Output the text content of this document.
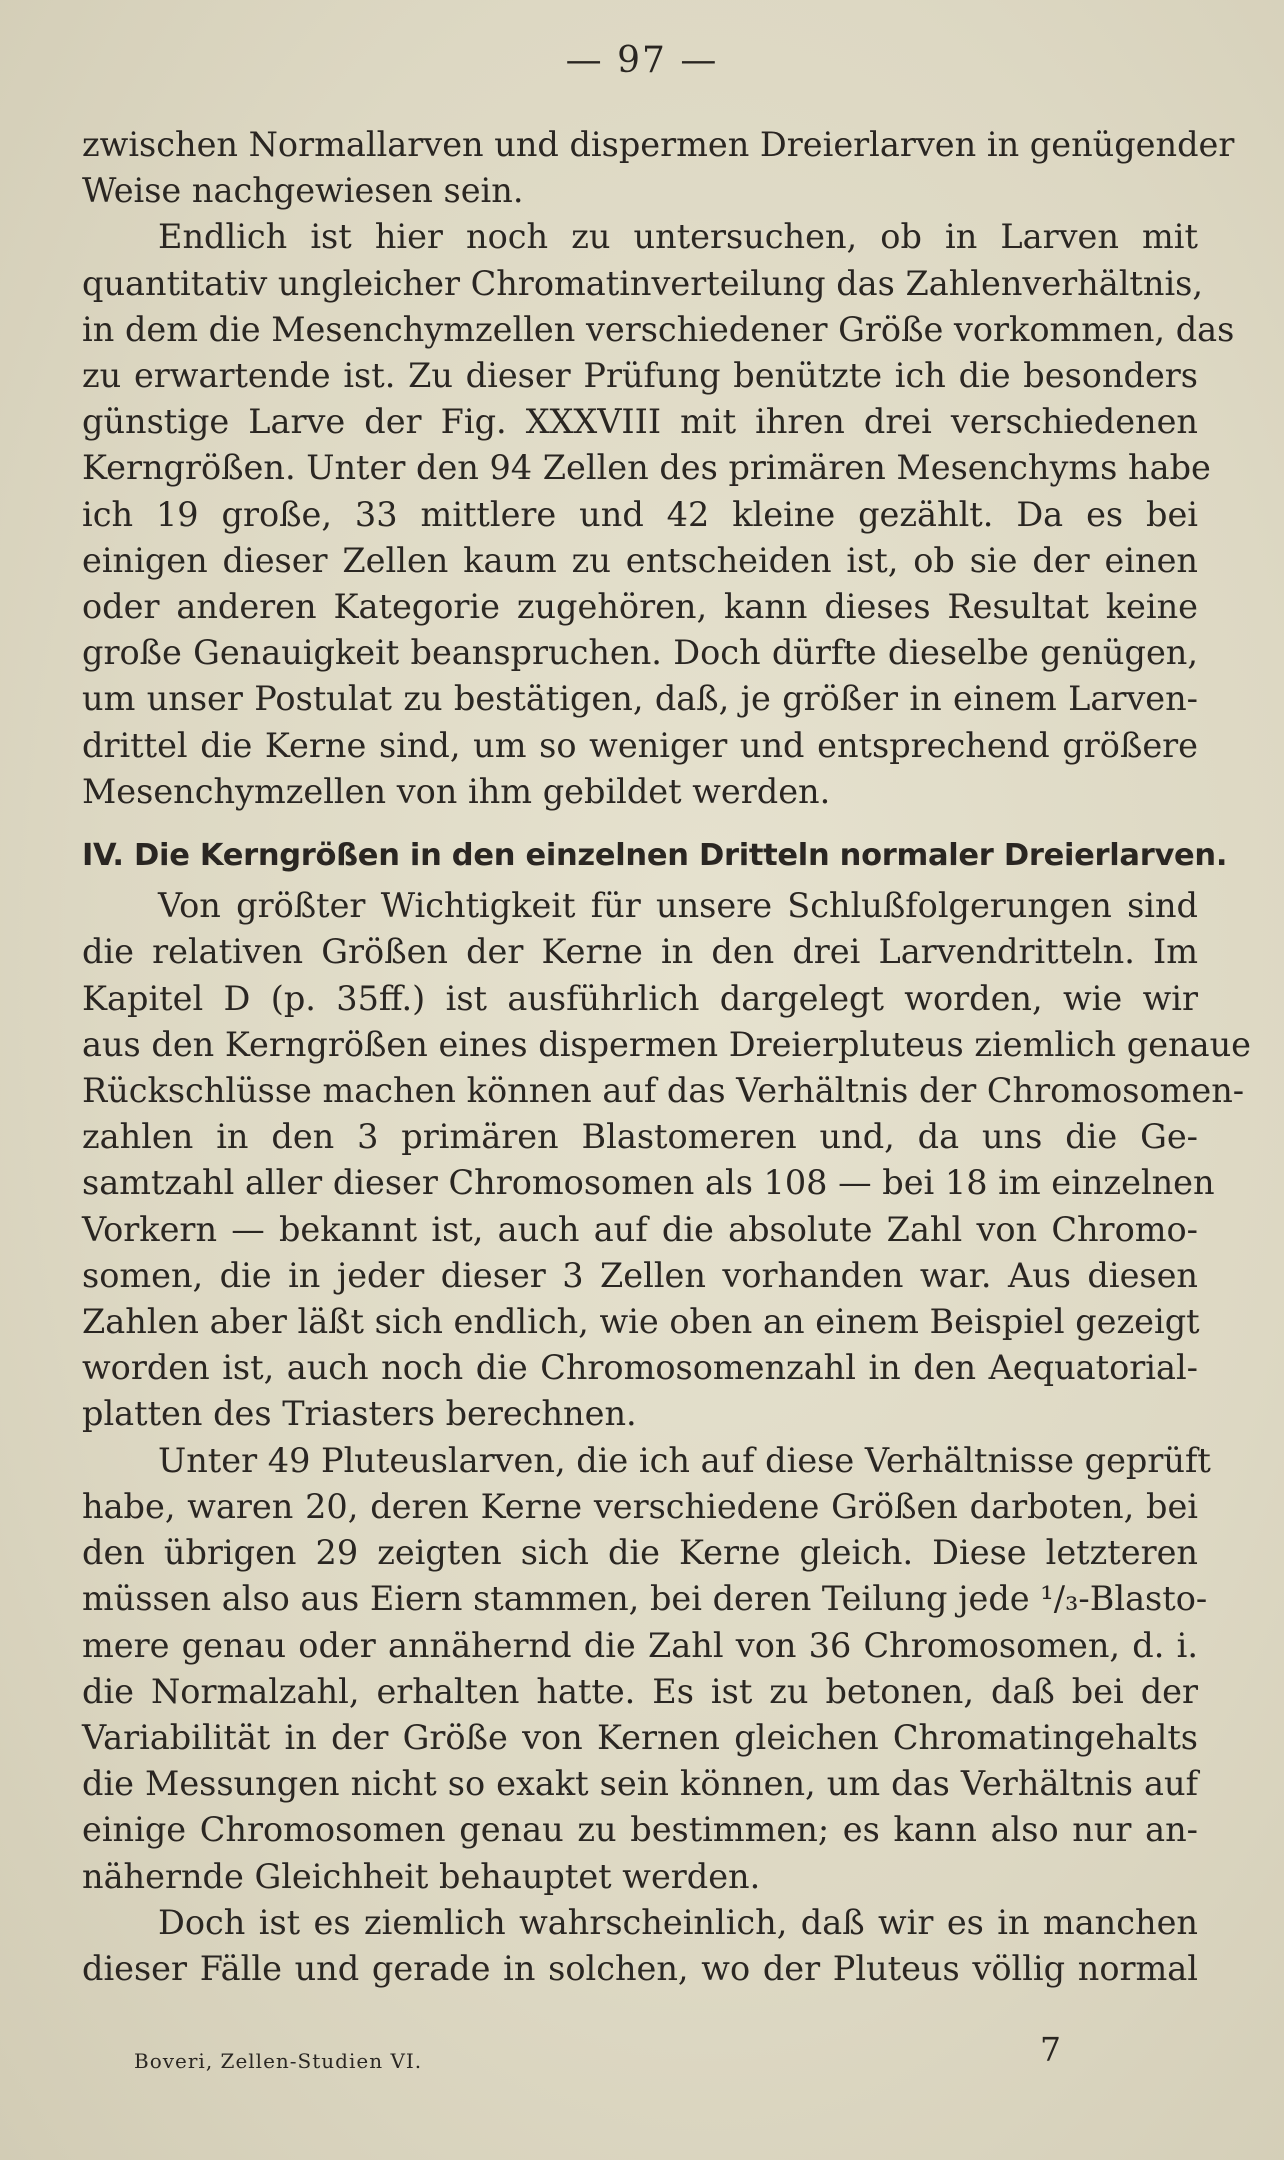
— 97 —
zwischen Normallarven und dispermen Dreierlarven in genügender
Weise nachgewiesen sein.
Endlich ist hier noch zu untersuchen, ob in Larven mit
quantitativ ungleicher Chromatinverteilung das Zahlenverhältnis,
in dem die Mesenchymzellen verschiedener Größe vorkommen, das
zu erwartende ist. Zu dieser Prüfung benützte ich die besonders
günstige Larve der Fig. XXXVIII mit ihren drei verschiedenen
Kerngrößen. Unter den 94 Zellen des primären Mesenchyms habe
ich 19 große, 33 mittlere und 42 kleine gezählt. Da es bei
einigen dieser Zellen kaum zu entscheiden ist, ob sie der einen
oder anderen Kategorie zugehören, kann dieses Resultat keine
große Genauigkeit beanspruchen. Doch dürfte dieselbe genügen,
um unser Postulat zu bestätigen, daß, je größer in einem Larven-
drittel die Kerne sind, um so weniger und entsprechend größere
Mesenchymzellen von ihm gebildet werden.
IV. Die Kerngrößen in den einzelnen Dritteln normaler Dreierlarven.
Von größter Wichtigkeit für unsere Schlußfolgerungen sind
die relativen Größen der Kerne in den drei Larvendritteln. Im
Kapitel D (p. 35ff.) ist ausführlich dargelegt worden, wie wir
aus den Kerngrößen eines dispermen Dreierpluteus ziemlich genaue
Rückschlüsse machen können auf das Verhältnis der Chromosomen-
zahlen in den 3 primären Blastomeren und, da uns die Ge-
samtzahl aller dieser Chromosomen als 108 — bei 18 im einzelnen
Vorkern — bekannt ist, auch auf die absolute Zahl von Chromo-
somen, die in jeder dieser 3 Zellen vorhanden war. Aus diesen
Zahlen aber läßt sich endlich, wie oben an einem Beispiel gezeigt
worden ist, auch noch die Chromosomenzahl in den Aequatorial-
platten des Triasters berechnen.
Unter 49 Pluteuslarven, die ich auf diese Verhältnisse geprüft
habe, waren 20, deren Kerne verschiedene Größen darboten, bei
den übrigen 29 zeigten sich die Kerne gleich. Diese letzteren
müssen also aus Eiern stammen, bei deren Teilung jede ¹/₃-Blasto-
mere genau oder annähernd die Zahl von 36 Chromosomen, d. i.
die Normalzahl, erhalten hatte. Es ist zu betonen, daß bei der
Variabilität in der Größe von Kernen gleichen Chromatingehalts
die Messungen nicht so exakt sein können, um das Verhältnis auf
einige Chromosomen genau zu bestimmen; es kann also nur an-
nähernde Gleichheit behauptet werden.
Doch ist es ziemlich wahrscheinlich, daß wir es in manchen
dieser Fälle und gerade in solchen, wo der Pluteus völlig normal
Boveri, Zellen-Studien VI.	7
